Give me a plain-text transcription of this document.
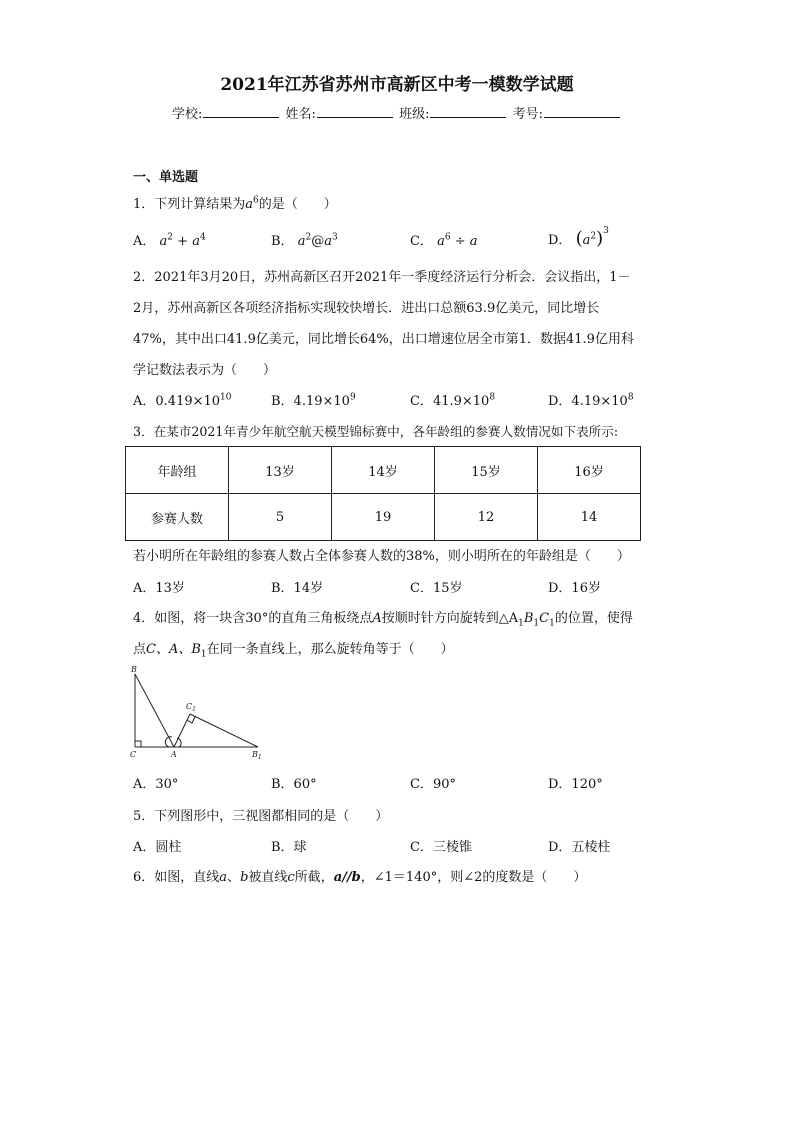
2021年江苏省苏州市高新区中考一模数学试题
学校:	姓名:	班级:	考号:
一、单选题
1．下列计算结果为$a^6$的是（　　）
A． $a^2 + a^4$	B． $a^2@a^3$	C． $a^6 \div a$	D． $(a^2)^3$
2．2021年3月20日，苏州高新区召开2021年一季度经济运行分析会．会议指出，1－
2月，苏州高新区各项经济指标实现较快增长．进出口总额63.9亿美元，同比增长
47%，其中出口41.9亿美元，同比增长64%，出口增速位居全市第1．数据41.9亿用科
学记数法表示为（　　）
A．$0.419\times 10^{10}$	B．$4.19\times 10^9$	C．$41.9\times 10^8$	D．$4.19\times 10^8$
3．在某市2021年青少年航空航天模型锦标赛中，各年龄组的参赛人数情况如下表所示:
年龄组	13岁	14岁	15岁	16岁
参赛人数	5	19	12	14
若小明所在年龄组的参赛人数占全体参赛人数的38%，则小明所在的年龄组是（　　）
A．13岁	B．14岁	C．15岁	D．16岁
4．如图，将一块含30°的直角三角板绕点A按顺时针方向旋转到$\triangle A_1B_1C_1$的位置，使得
点C、A、$B_1$在同一条直线上，那么旋转角等于（　　）
B
C	A
$C_1$
$B_1$
A．30°	B．60°	C．90°	D．120°
5．下列图形中，三视图都相同的是（　　）
A．圆柱	B．球	C．三棱锥	D．五棱柱
6．如图，直线a、b被直线c所截，a//b，∠1＝140°，则∠2的度数是（　　）
